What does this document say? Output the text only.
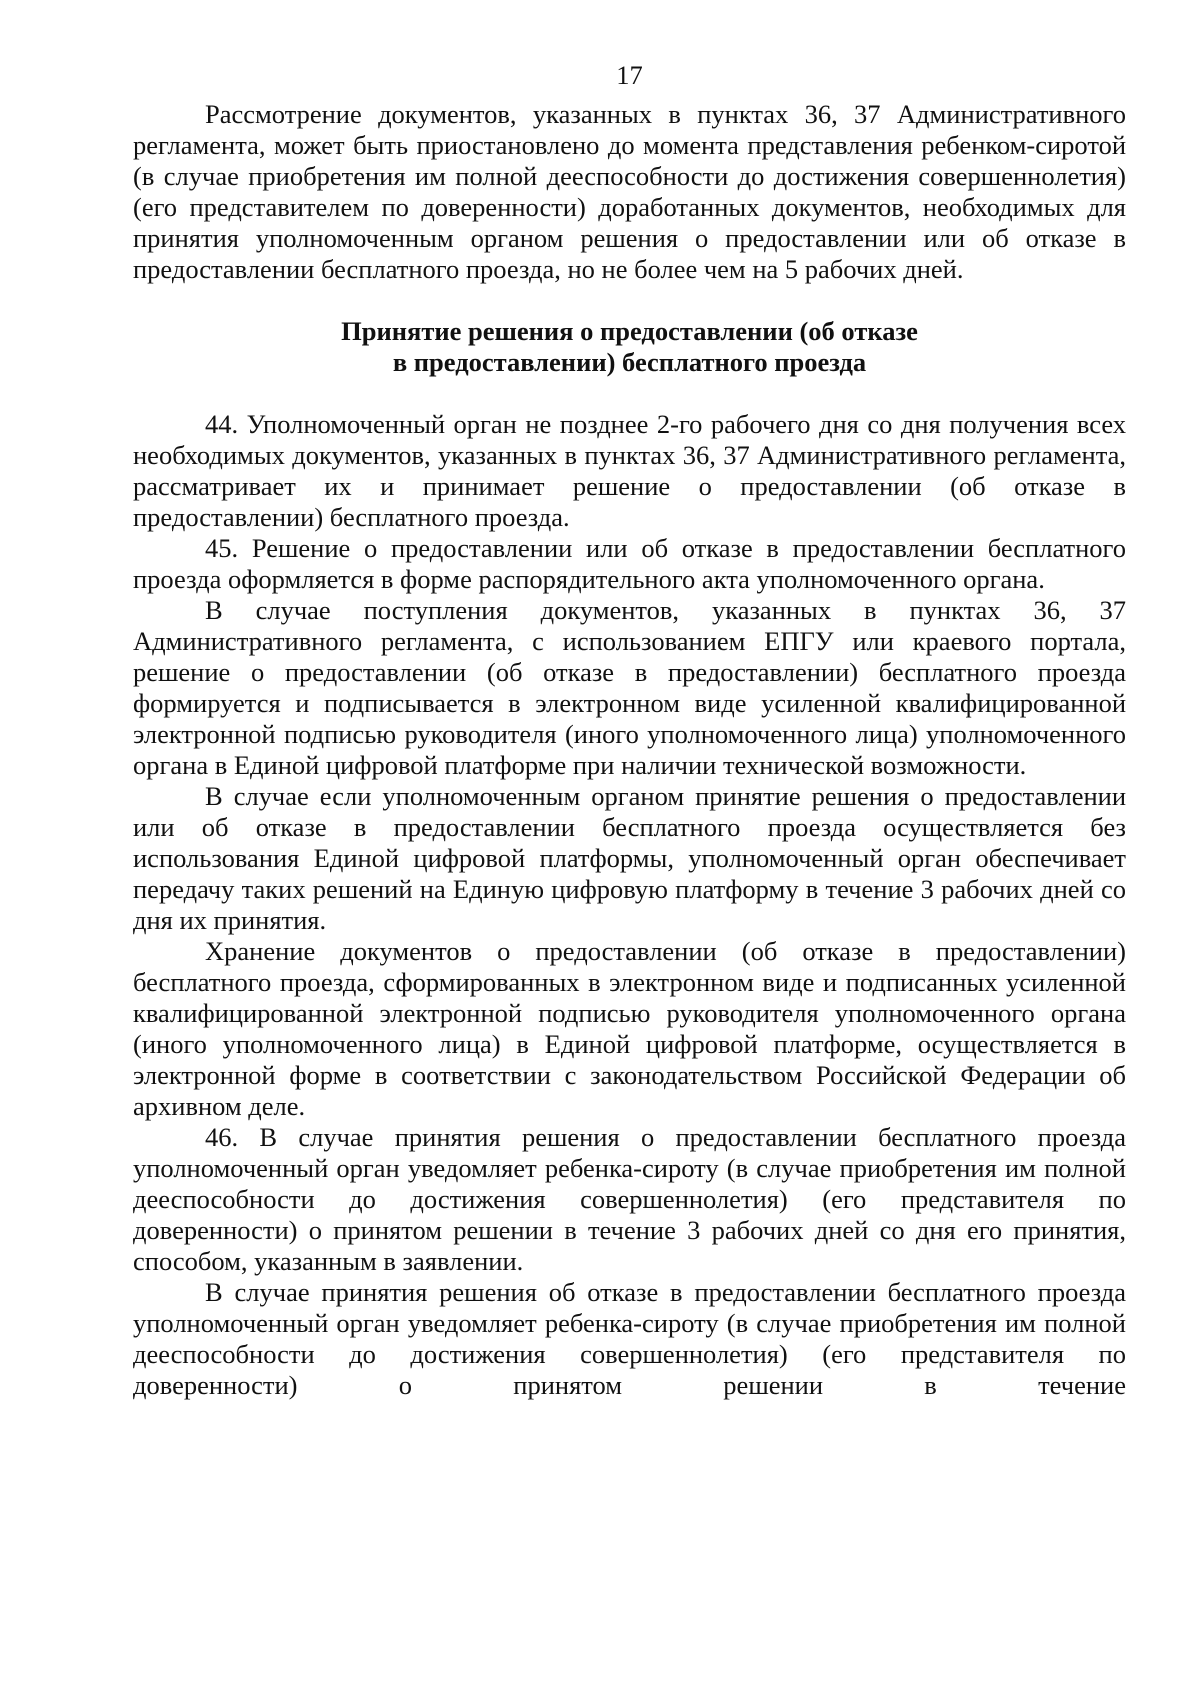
17

Рассмотрение документов, указанных в пунктах 36, 37 Административного регламента, может быть приостановлено до момента представления ребенком-сиротой (в случае приобретения им полной дееспособности до достижения совершеннолетия) (его представителем по доверенности) доработанных документов, необходимых для принятия уполномоченным органом решения о предоставлении или об отказе в предоставлении бесплатного проезда, но не более чем на 5 рабочих дней.

Принятие решения о предоставлении (об отказе
в предоставлении) бесплатного проезда

44. Уполномоченный орган не позднее 2-го рабочего дня со дня получения всех необходимых документов, указанных в пунктах 36, 37 Административного регламента, рассматривает их и принимает решение о предоставлении (об отказе в предоставлении) бесплатного проезда.

45. Решение о предоставлении или об отказе в предоставлении бесплатного проезда оформляется в форме распорядительного акта уполномоченного органа.

В случае поступления документов, указанных в пунктах 36, 37 Административного регламента, с использованием ЕПГУ или краевого портала, решение о предоставлении (об отказе в предоставлении) бесплатного проезда формируется и подписывается в электронном виде усиленной квалифицированной электронной подписью руководителя (иного уполномоченного лица) уполномоченного органа в Единой цифровой платформе при наличии технической возможности.

В случае если уполномоченным органом принятие решения о предоставлении или об отказе в предоставлении бесплатного проезда осуществляется без использования Единой цифровой платформы, уполномоченный орган обеспечивает передачу таких решений на Единую цифровую платформу в течение 3 рабочих дней со дня их принятия.

Хранение документов о предоставлении (об отказе в предоставлении) бесплатного проезда, сформированных в электронном виде и подписанных усиленной квалифицированной электронной подписью руководителя уполномоченного органа (иного уполномоченного лица) в Единой цифровой платформе, осуществляется в электронной форме в соответствии с законодательством Российской Федерации об архивном деле.

46. В случае принятия решения о предоставлении бесплатного проезда уполномоченный орган уведомляет ребенка-сироту (в случае приобретения им полной дееспособности до достижения совершеннолетия) (его представителя по доверенности) о принятом решении в течение 3 рабочих дней со дня его принятия, способом, указанным в заявлении.

В случае принятия решения об отказе в предоставлении бесплатного проезда уполномоченный орган уведомляет ребенка-сироту (в случае приобретения им полной дееспособности до достижения совершеннолетия) (его представителя по доверенности) о принятом решении в течение
